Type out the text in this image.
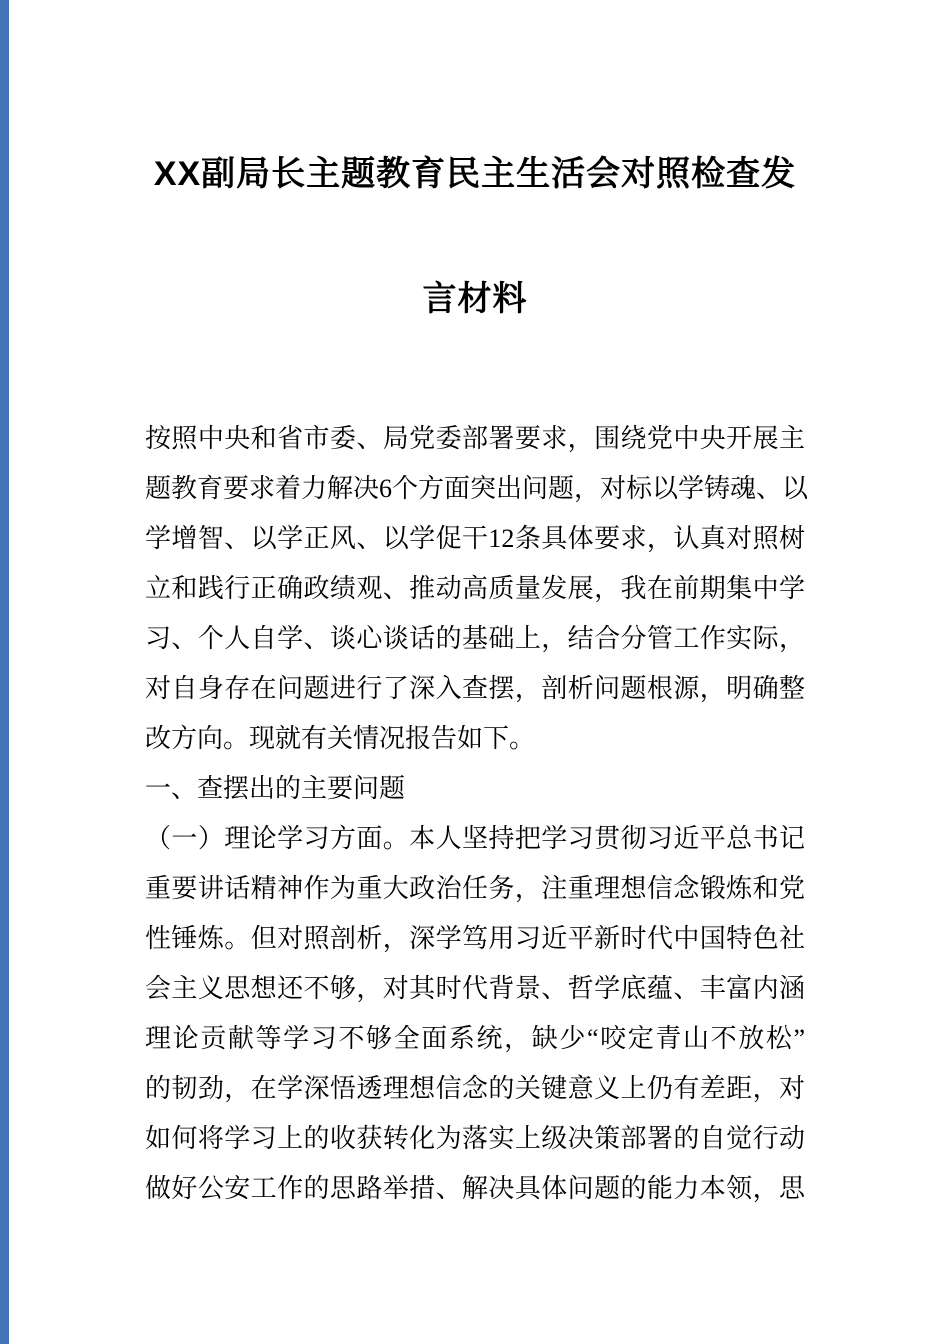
XX副局长主题教育民主生活会对照检查发
言材料
按照中央和省市委、局党委部署要求，围绕党中央开展主
题教育要求着力解决6个方面突出问题，对标以学铸魂、以
学增智、以学正风、以学促干12条具体要求，认真对照树
立和践行正确政绩观、推动高质量发展，我在前期集中学
习、个人自学、谈心谈话的基础上，结合分管工作实际，
对自身存在问题进行了深入查摆，剖析问题根源，明确整
改方向。现就有关情况报告如下。
一、查摆出的主要问题
（一）理论学习方面。本人坚持把学习贯彻习近平总书记
重要讲话精神作为重大政治任务，注重理想信念锻炼和党
性锤炼。但对照剖析，深学笃用习近平新时代中国特色社
会主义思想还不够，对其时代背景、哲学底蕴、丰富内涵
理论贡献等学习不够全面系统，缺少“咬定青山不放松”
的韧劲，在学深悟透理想信念的关键意义上仍有差距，对
如何将学习上的收获转化为落实上级决策部署的自觉行动
做好公安工作的思路举措、解决具体问题的能力本领，思
